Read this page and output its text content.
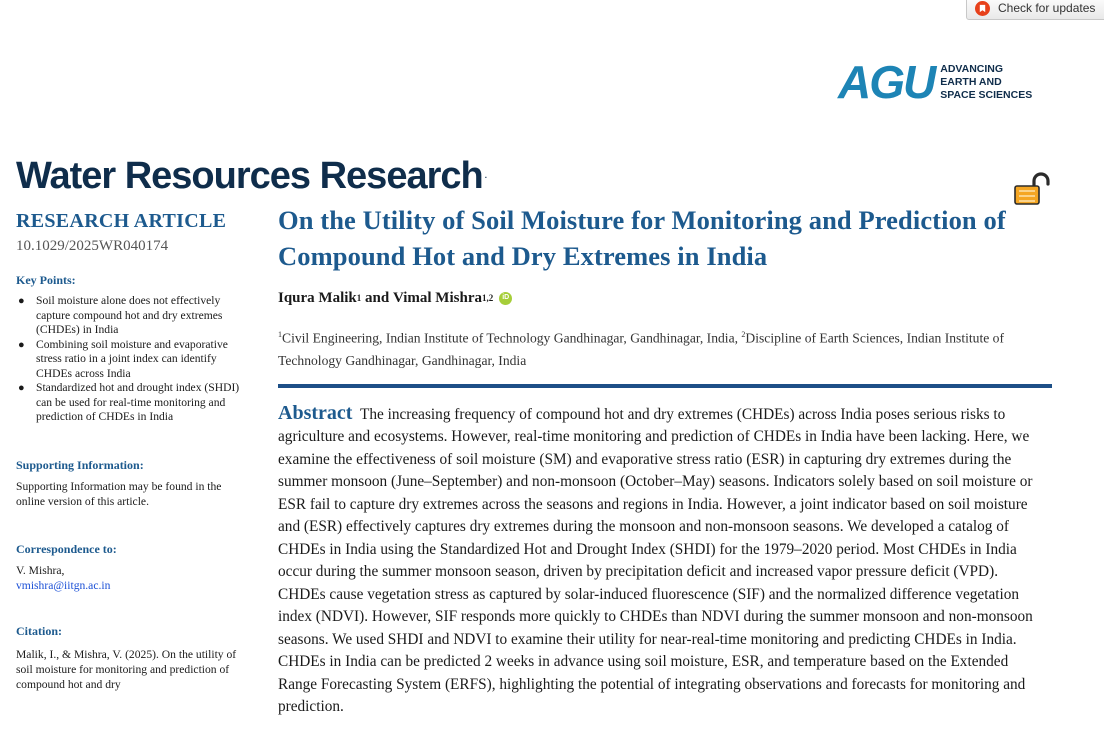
Check for updates
AGU ADVANCING
EARTH AND
SPACE SCIENCES
Water Resources Research .
RESEARCH ARTICLE
10.1029/2025WR040174
Key Points:
● Soil moisture alone does not effectively capture compound hot and dry extremes (CHDEs) in India
● Combining soil moisture and evaporative stress ratio in a joint index can identify CHDEs across India
● Standardized hot and drought index (SHDI) can be used for real-time monitoring and prediction of CHDEs in India
Supporting Information:
Supporting Information may be found in the online version of this article.
Correspondence to:
V. Mishra,
vmishra@iitgn.ac.in
Citation:
Malik, I., & Mishra, V. (2025). On the utility of soil moisture for monitoring and prediction of compound hot and dry
On the Utility of Soil Moisture for Monitoring and Prediction of Compound Hot and Dry Extremes in India
Iqura Malik 1
and
Vimal Mishra 1,2	iD
$^1$Civil Engineering, Indian Institute of Technology Gandhinagar, Gandhinagar, India, $^2$Discipline of Earth Sciences, Indian Institute of Technology Gandhinagar, Gandhinagar, India

Abstract The increasing frequency of compound hot and dry extremes (CHDEs) across India poses serious risks to agriculture and ecosystems. However, real-time monitoring and prediction of CHDEs in India have been lacking. Here, we examine the effectiveness of soil moisture (SM) and evaporative stress ratio (ESR) in capturing dry extremes during the summer monsoon (June–September) and non-monsoon (October–May) seasons. Indicators solely based on soil moisture or ESR fail to capture dry extremes across the seasons and regions in India. However, a joint indicator based on soil moisture and (ESR) effectively captures dry extremes during the monsoon and non-monsoon seasons. We developed a catalog of CHDEs in India using the Standardized Hot and Drought Index (SHDI) for the 1979–2020 period. Most CHDEs in India occur during the summer monsoon season, driven by precipitation deficit and increased vapor pressure deficit (VPD). CHDEs cause vegetation stress as captured by solar-induced fluorescence (SIF) and the normalized difference vegetation index (NDVI). However, SIF responds more quickly to CHDEs than NDVI during the summer monsoon and non-monsoon seasons. We used SHDI and NDVI to examine their utility for near-real-time monitoring and predicting CHDEs in India. CHDEs in India can be predicted 2 weeks in advance using soil moisture, ESR, and temperature based on the Extended Range Forecasting System (ERFS), highlighting the potential of integrating observations and forecasts for monitoring and prediction.
